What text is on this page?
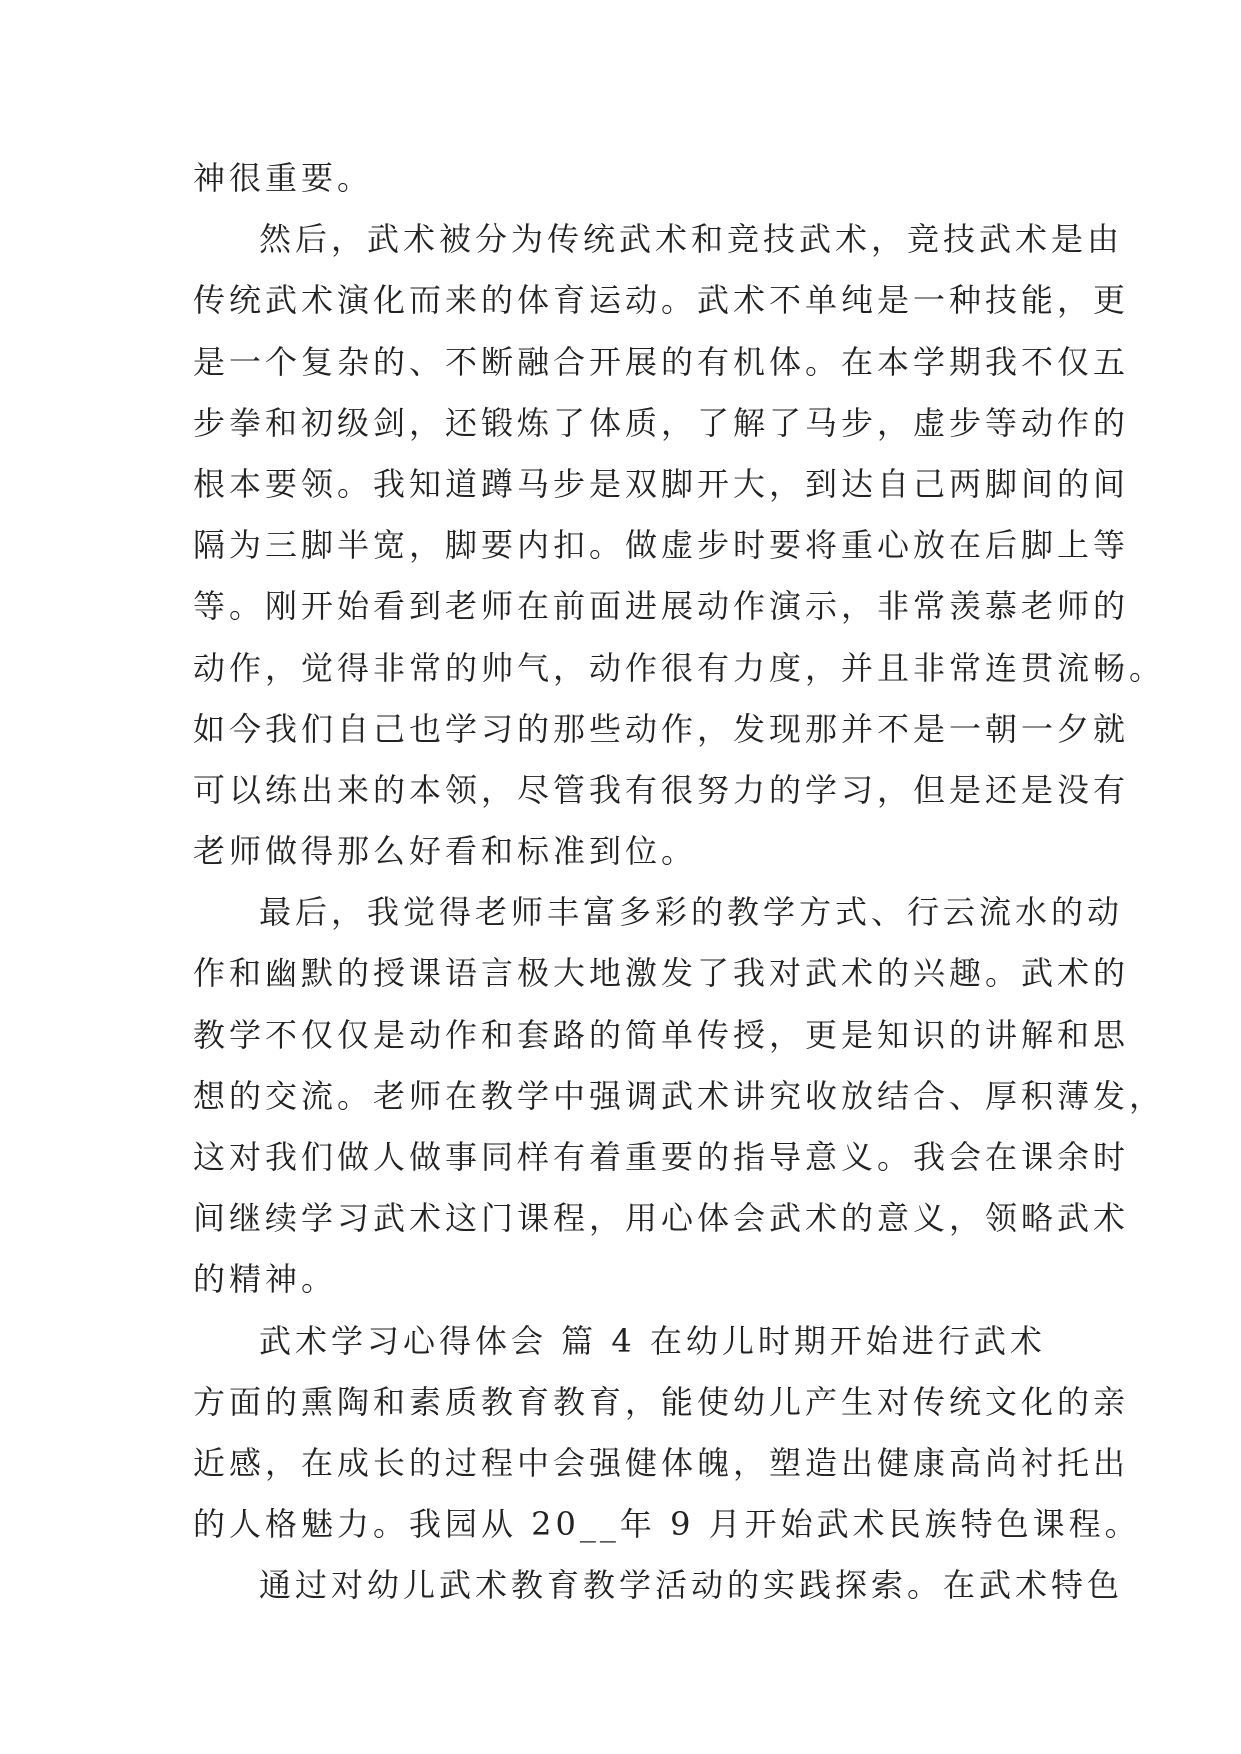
神很重要。
然后，武术被分为传统武术和竞技武术，竞技武术是由
传统武术演化而来的体育运动。武术不单纯是一种技能，更
是一个复杂的、不断融合开展的有机体。在本学期我不仅五
步拳和初级剑，还锻炼了体质，了解了马步，虚步等动作的
根本要领。我知道蹲马步是双脚开大，到达自己两脚间的间
隔为三脚半宽，脚要内扣。做虚步时要将重心放在后脚上等
等。刚开始看到老师在前面进展动作演示，非常羡慕老师的
动作，觉得非常的帅气，动作很有力度，并且非常连贯流畅。
如今我们自己也学习的那些动作，发现那并不是一朝一夕就
可以练出来的本领，尽管我有很努力的学习，但是还是没有
老师做得那么好看和标准到位。
最后，我觉得老师丰富多彩的教学方式、行云流水的动
作和幽默的授课语言极大地激发了我对武术的兴趣。武术的
教学不仅仅是动作和套路的简单传授，更是知识的讲解和思
想的交流。老师在教学中强调武术讲究收放结合、厚积薄发，
这对我们做人做事同样有着重要的指导意义。我会在课余时
间继续学习武术这门课程，用心体会武术的意义，领略武术
的精神。
武术学习心得体会 篇 4 在幼儿时期开始进行武术
方面的熏陶和素质教育教育，能使幼儿产生对传统文化的亲
近感，在成长的过程中会强健体魄，塑造出健康高尚衬托出
的人格魅力。我园从 20__年 9 月开始武术民族特色课程。
通过对幼儿武术教育教学活动的实践探索。在武术特色
